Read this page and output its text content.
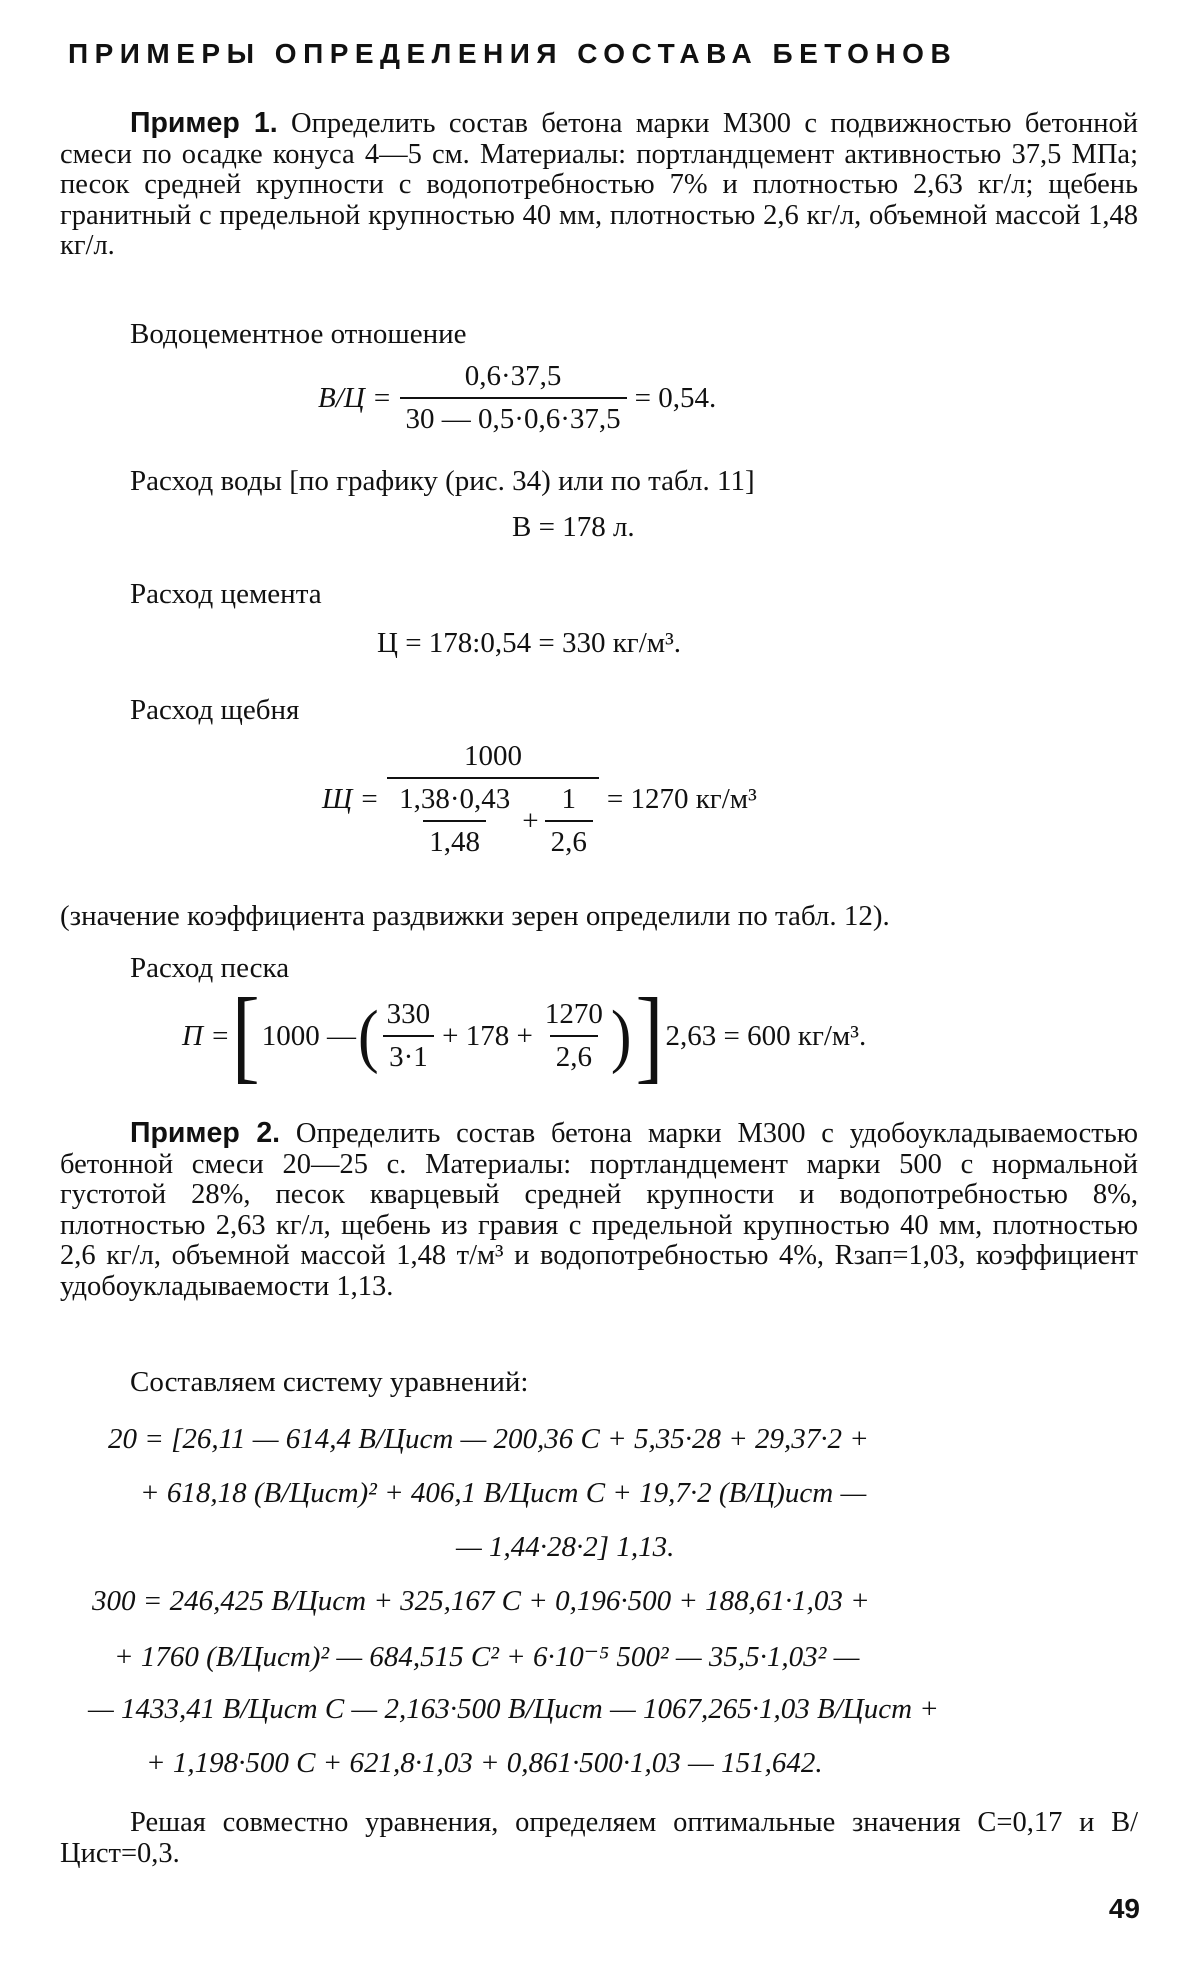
ПРИМЕРЫ ОПРЕДЕЛЕНИЯ СОСТАВА БЕТОНОВ
Пример 1. Определить состав бетона марки М300 с подвижностью бетонной смеси по осадке конуса 4—5 см. Материалы: портландцемент активностью 37,5 МПа; песок средней крупности с водопотребностью 7% и плотностью 2,63 кг/л; щебень гранитный с предельной крупностью 40 мм, плотностью 2,6 кг/л, объемной массой 1,48 кг/л.
Водоцементное отношение
$В/Ц = \frac{0,6\cdot 37,5}{30 — 0,5\cdot 0,6\cdot 37,5} = 0,54$.
Расход воды [по графику (рис. 34) или по табл. 11]
В = 178 л.
Расход цемента
Ц = 178:0,54 = 330 кг/м³.
Расход щебня
Щ =
1000
$\frac{1,38\cdot 0,43}{1,48} + \frac{1}{2,6} = 1270$ кг/м³
(значение коэффициента раздвижки зерен определили по табл. 12).
Расход песка
П = [ 1000 — ( $\frac{330}{3\cdot 1} + 178 + \frac{1270}{2,6}$ ) ] 2,63 = 600 кг/м³.
Пример 2. Определить состав бетона марки М300 с удобоукладываемостью бетонной смеси 20—25 с. Материалы: портландцемент марки 500 с нормальной густотой 28%, песок кварцевый средней крупности и водопотребностью 8%, плотностью 2,63 кг/л, щебень из гравия с предельной крупностью 40 мм, плотностью 2,6 кг/л, объемной массой 1,48 т/м³ и водопотребностью 4%, Rзап=1,03, коэффициент удобоукладываемости 1,13.
Составляем систему уравнений:
20 = [26,11 — 614,4 В/Цист — 200,36 С + 5,35·28 + 29,37·2 +
+ 618,18 (В/Цист)² + 406,1 В/Цист С + 19,7·2 (В/Ц)ист —
— 1,44·28·2] 1,13.
300 = 246,425 В/Цист + 325,167 С + 0,196·500 + 188,61·1,03 +
+ 1760 (В/Цист)² — 684,515 С² + 6·10⁻⁵ 500² — 35,5·1,03² —
— 1433,41 В/Цист С — 2,163·500 В/Цист — 1067,265·1,03 В/Цист +
+ 1,198·500 С + 621,8·1,03 + 0,861·500·1,03 — 151,642.
Решая совместно уравнения, определяем оптимальные значения С=0,17 и В/Цист=0,3.
49
